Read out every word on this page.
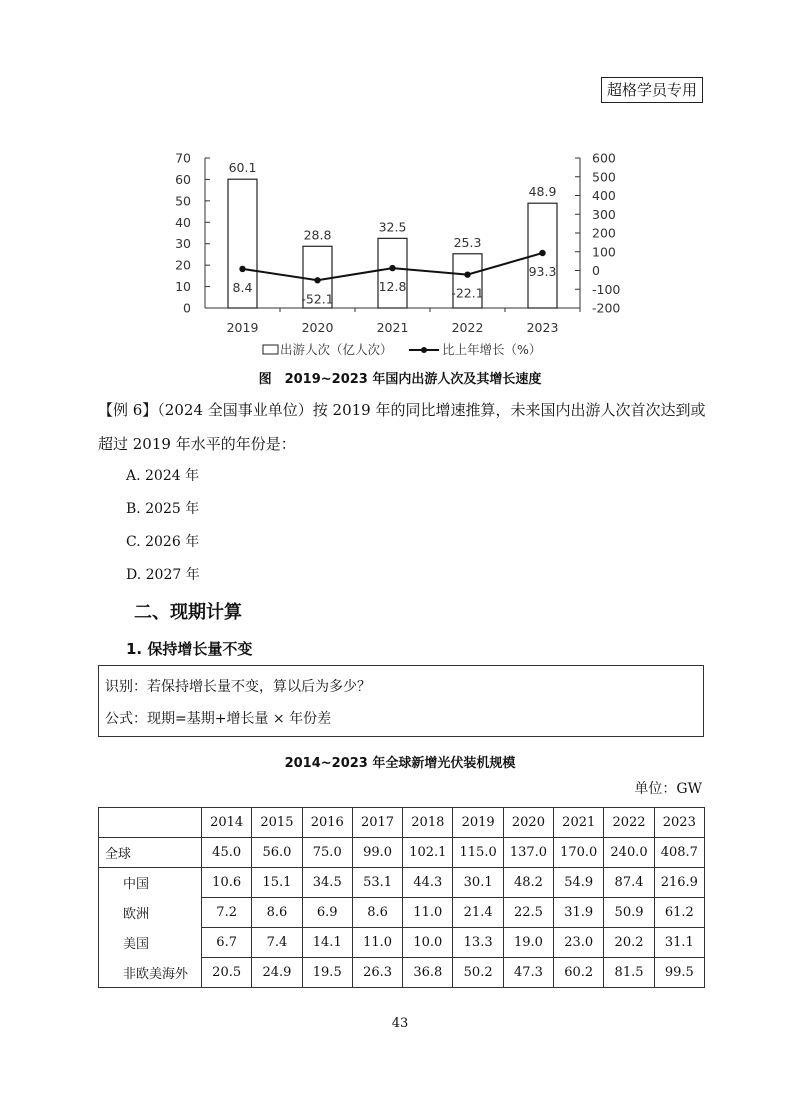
超格学员专用
0
10
20
30
40
50
60
70
-200
-100
0
100
200
300
400
500
600
2019	2020	2021	2022	2023
60.1
28.8
32.5
25.3
48.9
8.4
-52.1
12.8	-22.1
93.3
出游人次（亿人次）	比上年增长（%）
图　2019~2023 年国内出游人次及其增长速度
【例 6】（2024 全国事业单位）按 2019 年的同比增速推算，未来国内出游人次首次达到或超过 2019 年水平的年份是：
A. 2024 年
B. 2025 年
C. 2026 年
D. 2027 年
二、现期计算
1. 保持增长量不变
识别：若保持增长量不变，算以后为多少？
公式：现期=基期+增长量 × 年份差
2014~2023 年全球新增光伏装机规模
单位：GW
	2014	2015	2016	2017	2018	2019	2020	2021	2022	2023
全球	45.0	56.0	75.0	99.0	102.1	115.0	137.0	170.0	240.0	408.7
中国	10.6	15.1	34.5	53.1	44.3	30.1	48.2	54.9	87.4	216.9
欧洲	7.2	8.6	6.9	8.6	11.0	21.4	22.5	31.9	50.9	61.2
美国	6.7	7.4	14.1	11.0	10.0	13.3	19.0	23.0	20.2	31.1
非欧美海外	20.5	24.9	19.5	26.3	36.8	50.2	47.3	60.2	81.5	99.5
43
